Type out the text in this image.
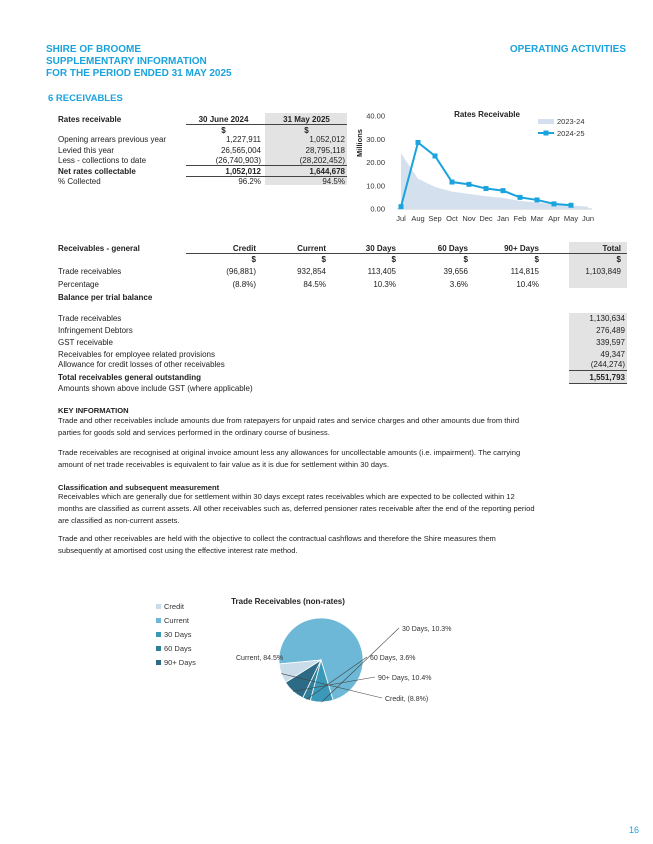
SHIRE OF BROOME
SUPPLEMENTARY INFORMATION
FOR THE PERIOD ENDED 31 MAY 2025
OPERATING ACTIVITIES
6 RECEIVABLES
Rates receivable	30 June 2024	31 May 2025
$	$
Opening arrears previous year	1,227,911	1,052,012
Levied this year	26,565,004	28,795,118
Less - collections to date	(26,740,903)	(28,202,452)
Net rates collectable	1,052,012	1,644,678
% Collected	96.2%	94.5%
Rates Receivable
Millions
0.00
10.00
20.00
30.00
40.00
Jul Aug Sep Oct Nov Dec Jan Feb Mar Apr May Jun
2023-24
2024-25
Receivables - general	Credit	Current	30 Days	60 Days	90+ Days	Total
$	$	$	$	$	$
Trade receivables	(96,881)	932,854	113,405	39,656	114,815	1,103,849
Percentage	(8.8%)	84.5%	10.3%	3.6%	10.4%
Balance per trial balance
Trade receivables	1,130,634
Infringement Debtors	276,489
GST receivable	339,597
Receivables for employee related provisions	49,347
Allowance for credit losses of other receivables	(244,274)
Total receivables general outstanding	1,551,793
Amounts shown above include GST (where applicable)
KEY INFORMATION
Trade and other receivables include amounts due from ratepayers for unpaid rates and service charges and other amounts due from third parties for goods sold and services performed in the ordinary course of business.
Trade receivables are recognised at original invoice amount less any allowances for uncollectable amounts (i.e. impairment). The carrying amount of net trade receivables is equivalent to fair value as it is due for settlement within 30 days.
Classification and subsequent measurement
Receivables which are generally due for settlement within 30 days except rates receivables which are expected to be collected within 12 months are classified as current assets. All other receivables such as, deferred pensioner rates receivable after the end of the reporting period are classified as non-current assets.
Trade and other receivables are held with the objective to collect the contractual cashflows and therefore the Shire measures them subsequently at amortised cost using the effective interest rate method.
Trade Receivables (non-rates)
Credit
Current
30 Days
60 Days
90+ Days	Current, 84.5%
30 Days, 10.3%
60 Days, 3.6%
90+ Days, 10.4%
Credit, (8.8%)
16
